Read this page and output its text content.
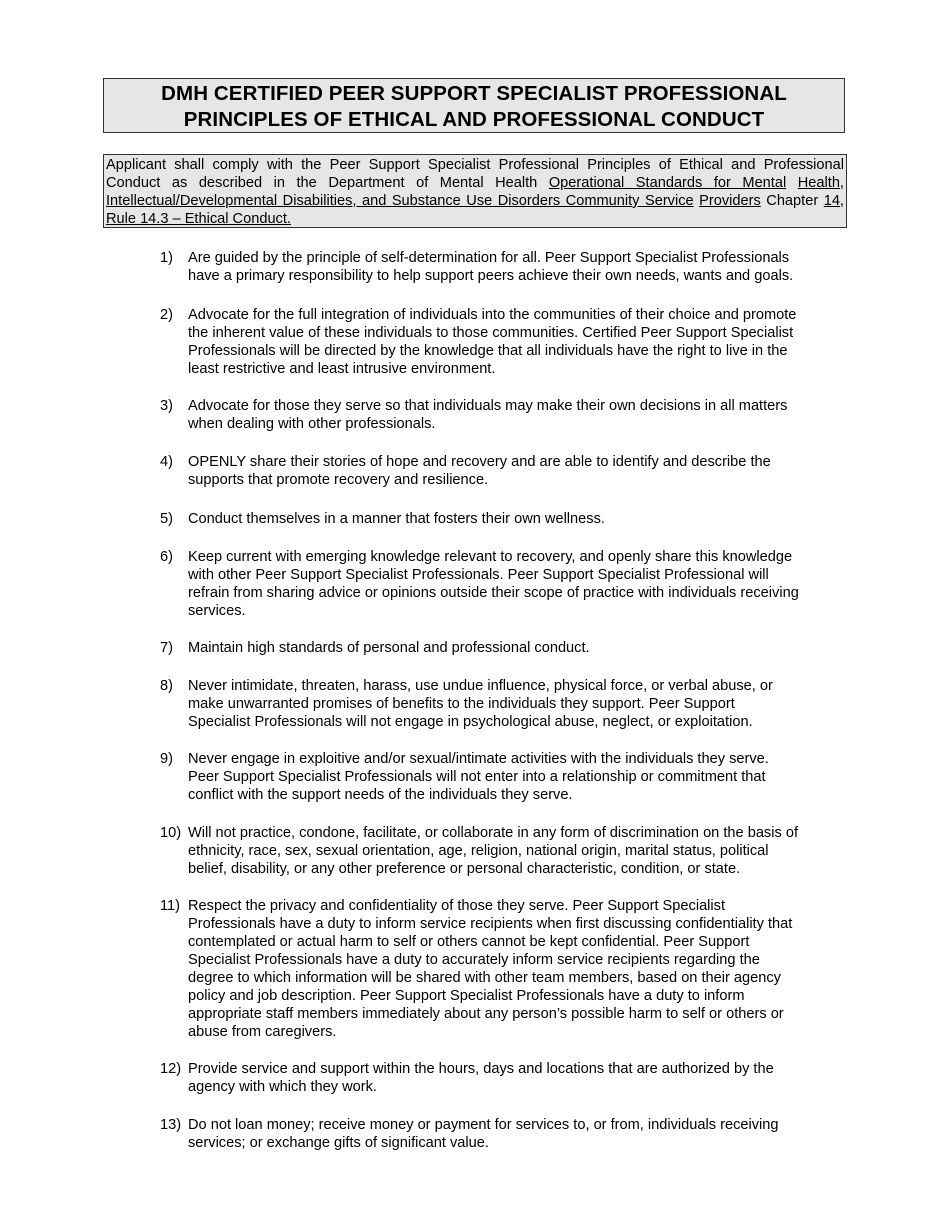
DMH CERTIFIED PEER SUPPORT SPECIALIST PROFESSIONAL
PRINCIPLES OF ETHICAL AND PROFESSIONAL CONDUCT
Applicant shall comply with the Peer Support Specialist Professional Principles of Ethical and Professional Conduct as described in the Department of Mental Health Operational Standards for Mental Health, Intellectual/Developmental Disabilities, and Substance Use Disorders Community Service Providers Chapter 14, Rule 14.3 – Ethical Conduct.
1) Are guided by the principle of self-determination for all. Peer Support Specialist Professionals
have a primary responsibility to help support peers achieve their own needs, wants and goals.
2) Advocate for the full integration of individuals into the communities of their choice and promote
the inherent value of these individuals to those communities. Certified Peer Support Specialist
Professionals will be directed by the knowledge that all individuals have the right to live in the
least restrictive and least intrusive environment.
3) Advocate for those they serve so that individuals may make their own decisions in all matters
when dealing with other professionals.
4) OPENLY share their stories of hope and recovery and are able to identify and describe the
supports that promote recovery and resilience.
5) Conduct themselves in a manner that fosters their own wellness.
6) Keep current with emerging knowledge relevant to recovery, and openly share this knowledge
with other Peer Support Specialist Professionals. Peer Support Specialist Professional will
refrain from sharing advice or opinions outside their scope of practice with individuals receiving
services.
7) Maintain high standards of personal and professional conduct.
8) Never intimidate, threaten, harass, use undue influence, physical force, or verbal abuse, or
make unwarranted promises of benefits to the individuals they support. Peer Support
Specialist Professionals will not engage in psychological abuse, neglect, or exploitation.
9) Never engage in exploitive and/or sexual/intimate activities with the individuals they serve.
Peer Support Specialist Professionals will not enter into a relationship or commitment that
conflict with the support needs of the individuals they serve.
10) Will not practice, condone, facilitate, or collaborate in any form of discrimination on the basis of
ethnicity, race, sex, sexual orientation, age, religion, national origin, marital status, political
belief, disability, or any other preference or personal characteristic, condition, or state.
11) Respect the privacy and confidentiality of those they serve. Peer Support Specialist
Professionals have a duty to inform service recipients when first discussing confidentiality that
contemplated or actual harm to self or others cannot be kept confidential. Peer Support
Specialist Professionals have a duty to accurately inform service recipients regarding the
degree to which information will be shared with other team members, based on their agency
policy and job description. Peer Support Specialist Professionals have a duty to inform
appropriate staff members immediately about any person’s possible harm to self or others or
abuse from caregivers.
12) Provide service and support within the hours, days and locations that are authorized by the
agency with which they work.
13) Do not loan money; receive money or payment for services to, or from, individuals receiving
services; or exchange gifts of significant value.
